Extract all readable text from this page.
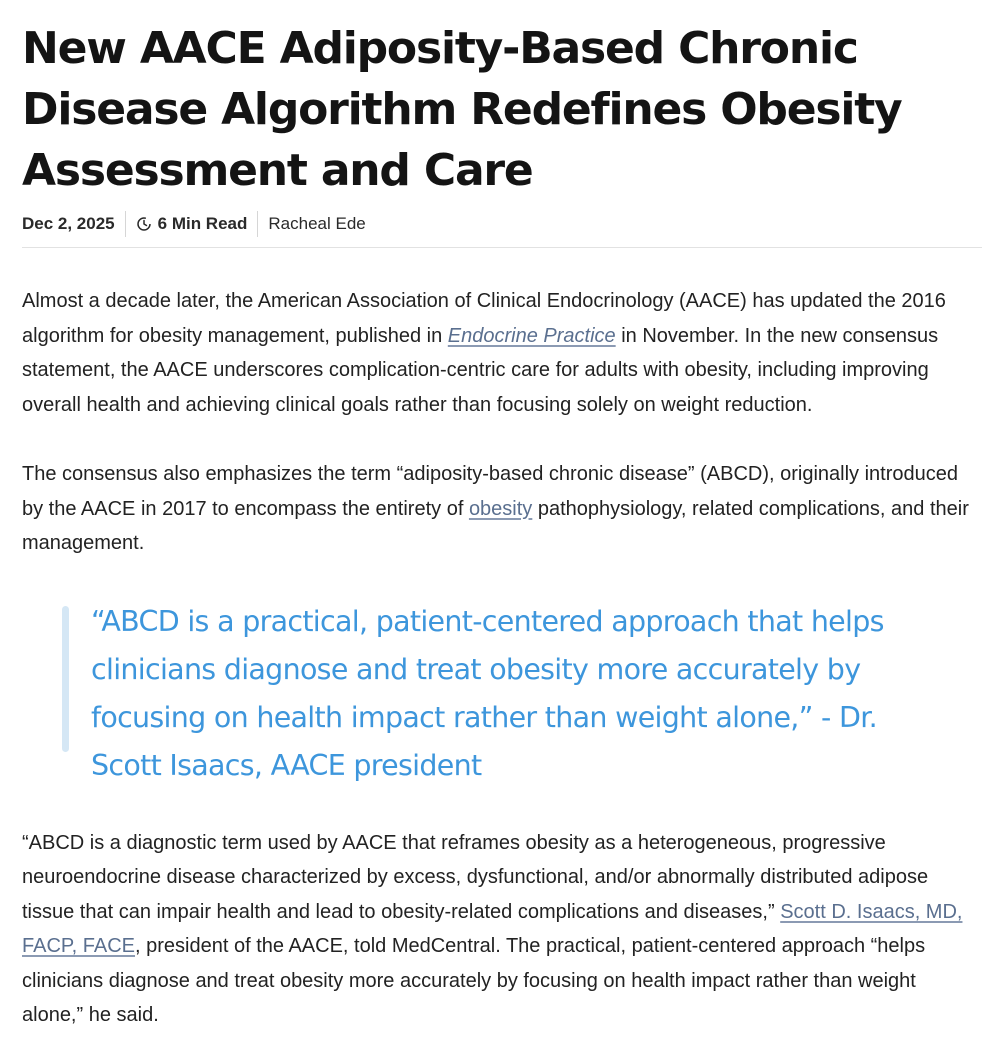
New AACE Adiposity-Based Chronic Disease Algorithm Redefines Obesity Assessment and Care
Dec 2, 2025	6 Min Read Racheal Ede

Almost a decade later, the American Association of Clinical Endocrinology (AACE) has updated the 2016 algorithm for obesity management, published in Endocrine Practice in November. In the new consensus statement, the AACE underscores complication-centric care for adults with obesity, including improving overall health and achieving clinical goals rather than focusing solely on weight reduction.

The consensus also emphasizes the term “adiposity-based chronic disease” (ABCD), originally introduced by the AACE in 2017 to encompass the entirety of obesity pathophysiology, related complications, and their management.

“ABCD is a practical, patient-centered approach that helps clinicians diagnose and treat obesity more accurately by focusing on health impact rather than weight alone,” - Dr. Scott Isaacs, AACE president

“ABCD is a diagnostic term used by AACE that reframes obesity as a heterogeneous, progressive neuroendocrine disease characterized by excess, dysfunctional, and/or abnormally distributed adipose tissue that can impair health and lead to obesity-related complications and diseases,” Scott D. Isaacs, MD, FACP, FACE, president of the AACE, told MedCentral. The practical, patient-centered approach “helps clinicians diagnose and treat obesity more accurately by focusing on health impact rather than weight alone,” he said.
